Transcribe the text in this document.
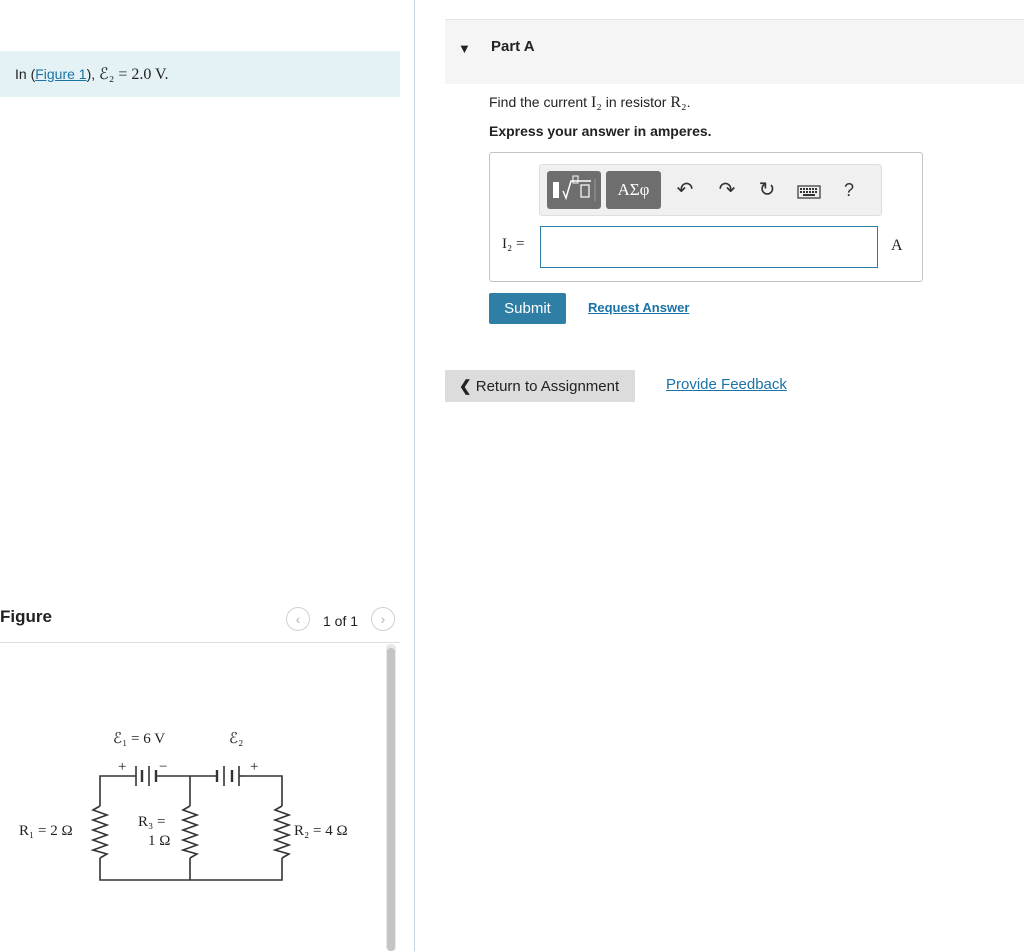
In (Figure 1), ℰ₂ = 2.0 V.
Figure	‹	1 of 1	›
ℰ₁ = 6 V	ℰ₂
+ −	+
R₁ = 2 Ω
R₃ =
1 Ω
R₂ = 4 Ω
▼ Part A
Find the current I₂ in resistor R₂.
Express your answer in amperes.
ΑΣφ	↶ ↷ ↻	?
I₂ =	A
Submit	Request Answer
❮ Return to Assignment	Provide Feedback
